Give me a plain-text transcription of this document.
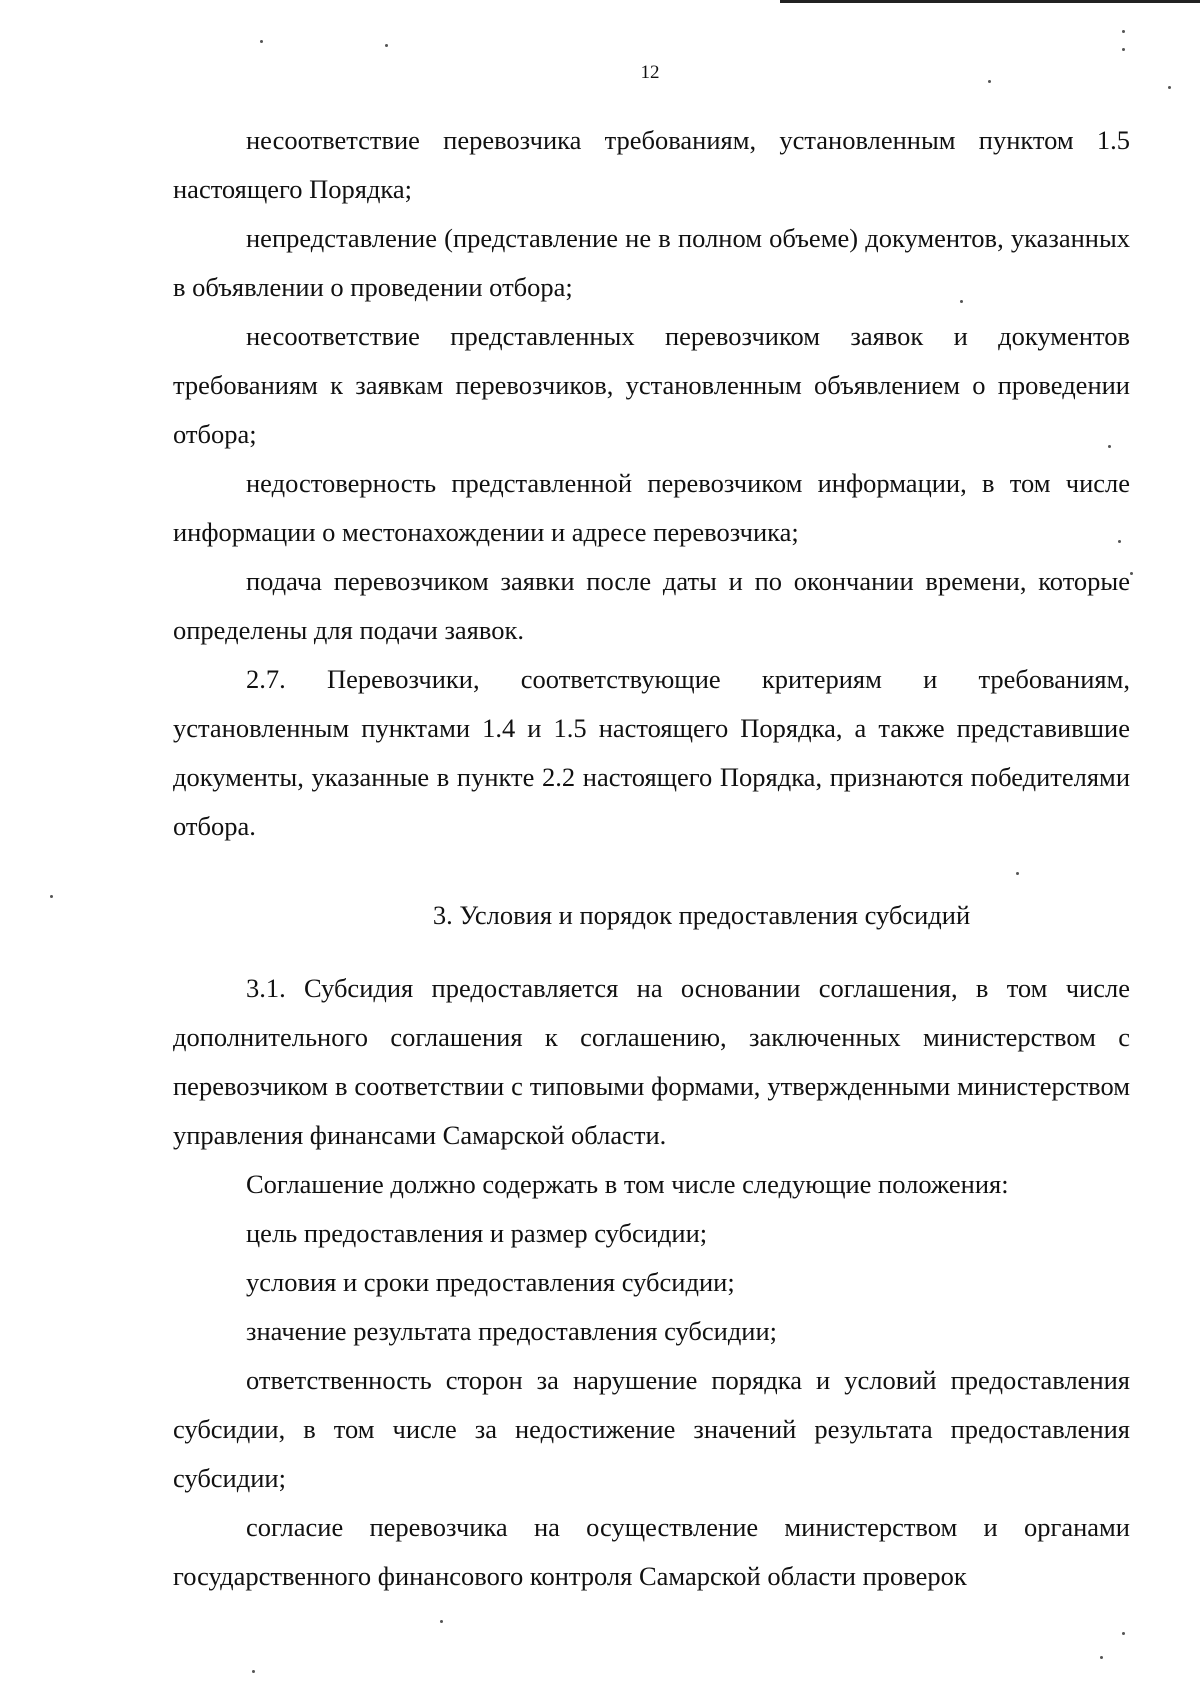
12

несоответствие перевозчика требованиям, установленным пунктом 1.5 настоящего Порядка;

непредставление (представление не в полном объеме) документов, указанных в объявлении о проведении отбора;

несоответствие представленных перевозчиком заявок и документов требованиям к заявкам перевозчиков, установленным объявлением о проведении отбора;

недостоверность представленной перевозчиком информации, в том числе информации о местонахождении и адресе перевозчика;

подача перевозчиком заявки после даты и по окончании времени, которые определены для подачи заявок.

2.7. Перевозчики, соответствующие критериям и требованиям, установленным пунктами 1.4 и 1.5 настоящего Порядка, а также представившие документы, указанные в пункте 2.2 настоящего Порядка, признаются победителями отбора.

3. Условия и порядок предоставления субсидий

3.1. Субсидия предоставляется на основании соглашения, в том числе дополнительного соглашения к соглашению, заключенных министерством с перевозчиком в соответствии с типовыми формами, утвержденными министерством управления финансами Самарской области.

Соглашение должно содержать в том числе следующие положения:

цель предоставления и размер субсидии;

условия и сроки предоставления субсидии;

значение результата предоставления субсидии;

ответственность сторон за нарушение порядка и условий предоставления субсидии, в том числе за недостижение значений результата предоставления субсидии;

согласие перевозчика на осуществление министерством и органами государственного финансового контроля Самарской области проверок
